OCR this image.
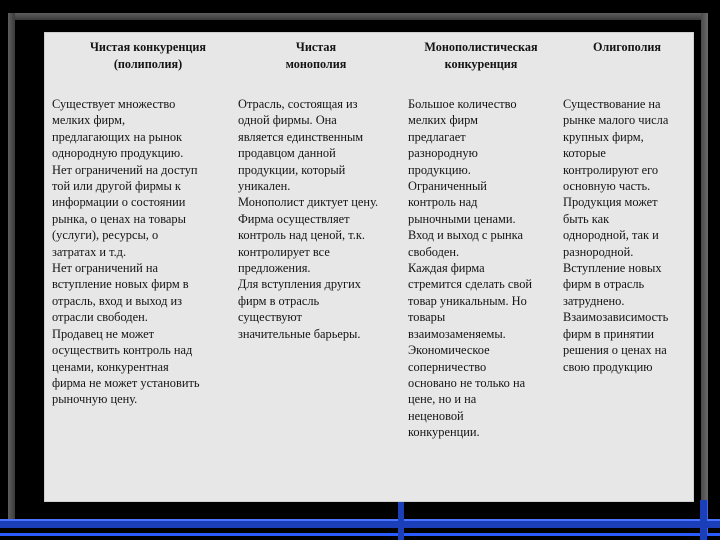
Чистая конкуренция
(полиполия)
Чистая
монополия
Монополистическая
конкуренция
Олигополия
Существует множество
мелких фирм,
предлагающих на рынок
однородную продукцию.
Нет ограничений на доступ
той или другой фирмы к
информации о состоянии
рынка, о ценах на товары
(услуги), ресурсы, о
затратах и т.д.
Нет ограничений на
вступление новых фирм в
отрасль, вход и выход из
отрасли свободен.
Продавец не может
осуществить контроль над
ценами, конкурентная
фирма не может установить
рыночную цену.
Отрасль, состоящая из
одной фирмы. Она
является единственным
продавцом данной
продукции, который
уникален.
Монополист диктует цену.
Фирма осуществляет
контроль над ценой, т.к.
контролирует все
предложения.
Для вступления других
фирм в отрасль
существуют
значительные барьеры.
Большое количество
мелких фирм
предлагает
разнородную
продукцию.
Ограниченный
контроль над
рыночными ценами.
Вход и выход с рынка
свободен.
Каждая фирма
стремится сделать свой
товар уникальным. Но
товары
взаимозаменяемы.
Экономическое
соперничество
основано не только на
цене, но и на
неценовой
конкуренции.
Существование на
рынке малого числа
крупных фирм,
которые
контролируют его
основную часть.
Продукция может
быть как
однородной, так и
разнородной.
Вступление новых
фирм в отрасль
затруднено.
Взаимозависимость
фирм в принятии
решения о ценах на
свою продукцию
